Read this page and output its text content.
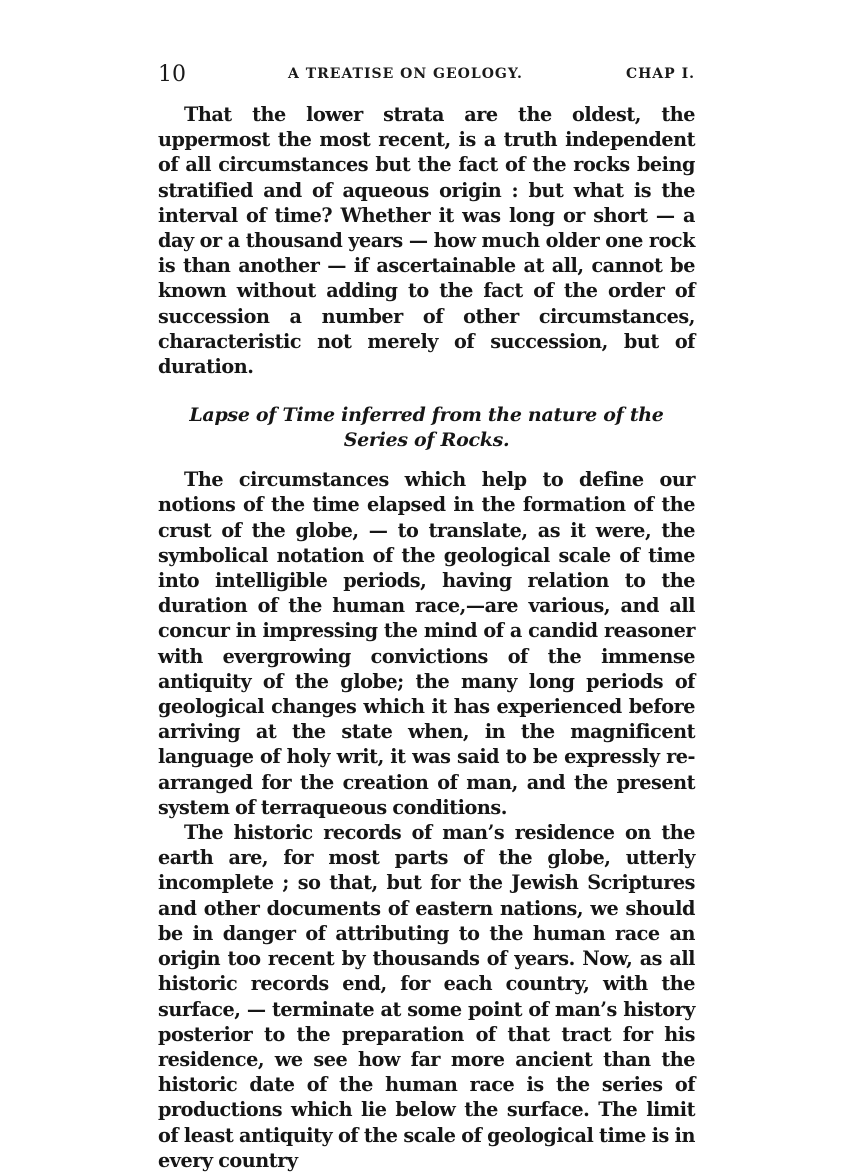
10	A TREATISE ON GEOLOGY.	CHAP I.

That the lower strata are the oldest, the uppermost the most recent, is a truth independent of all circumstances but the fact of the rocks being stratified and of aqueous origin : but what is the interval of time? Whether it was long or short — a day or a thousand years — how much older one rock is than another — if ascertainable at all, cannot be known without adding to the fact of the order of succession a number of other circumstances, characteristic not merely of succession, but of duration.

Lapse of Time inferred from the nature of the Series of Rocks.

The circumstances which help to define our notions of the time elapsed in the formation of the crust of the globe, — to translate, as it were, the symbolical notation of the geological scale of time into intelligible periods, having relation to the duration of the human race,—are various, and all concur in impressing the mind of a candid reasoner with evergrowing convictions of the immense antiquity of the globe; the many long periods of geological changes which it has experienced before arriving at the state when, in the magnificent language of holy writ, it was said to be expressly re-arranged for the creation of man, and the present system of terraqueous conditions.

The historic records of man’s residence on the earth are, for most parts of the globe, utterly incomplete ; so that, but for the Jewish Scriptures and other documents of eastern nations, we should be in danger of attributing to the human race an origin too recent by thousands of years. Now, as all historic records end, for each country, with the surface, — terminate at some point of man’s history posterior to the preparation of that tract for his residence, we see how far more ancient than the historic date of the human race is the series of productions which lie below the surface. The limit of least antiquity of the scale of geological time is in every country
